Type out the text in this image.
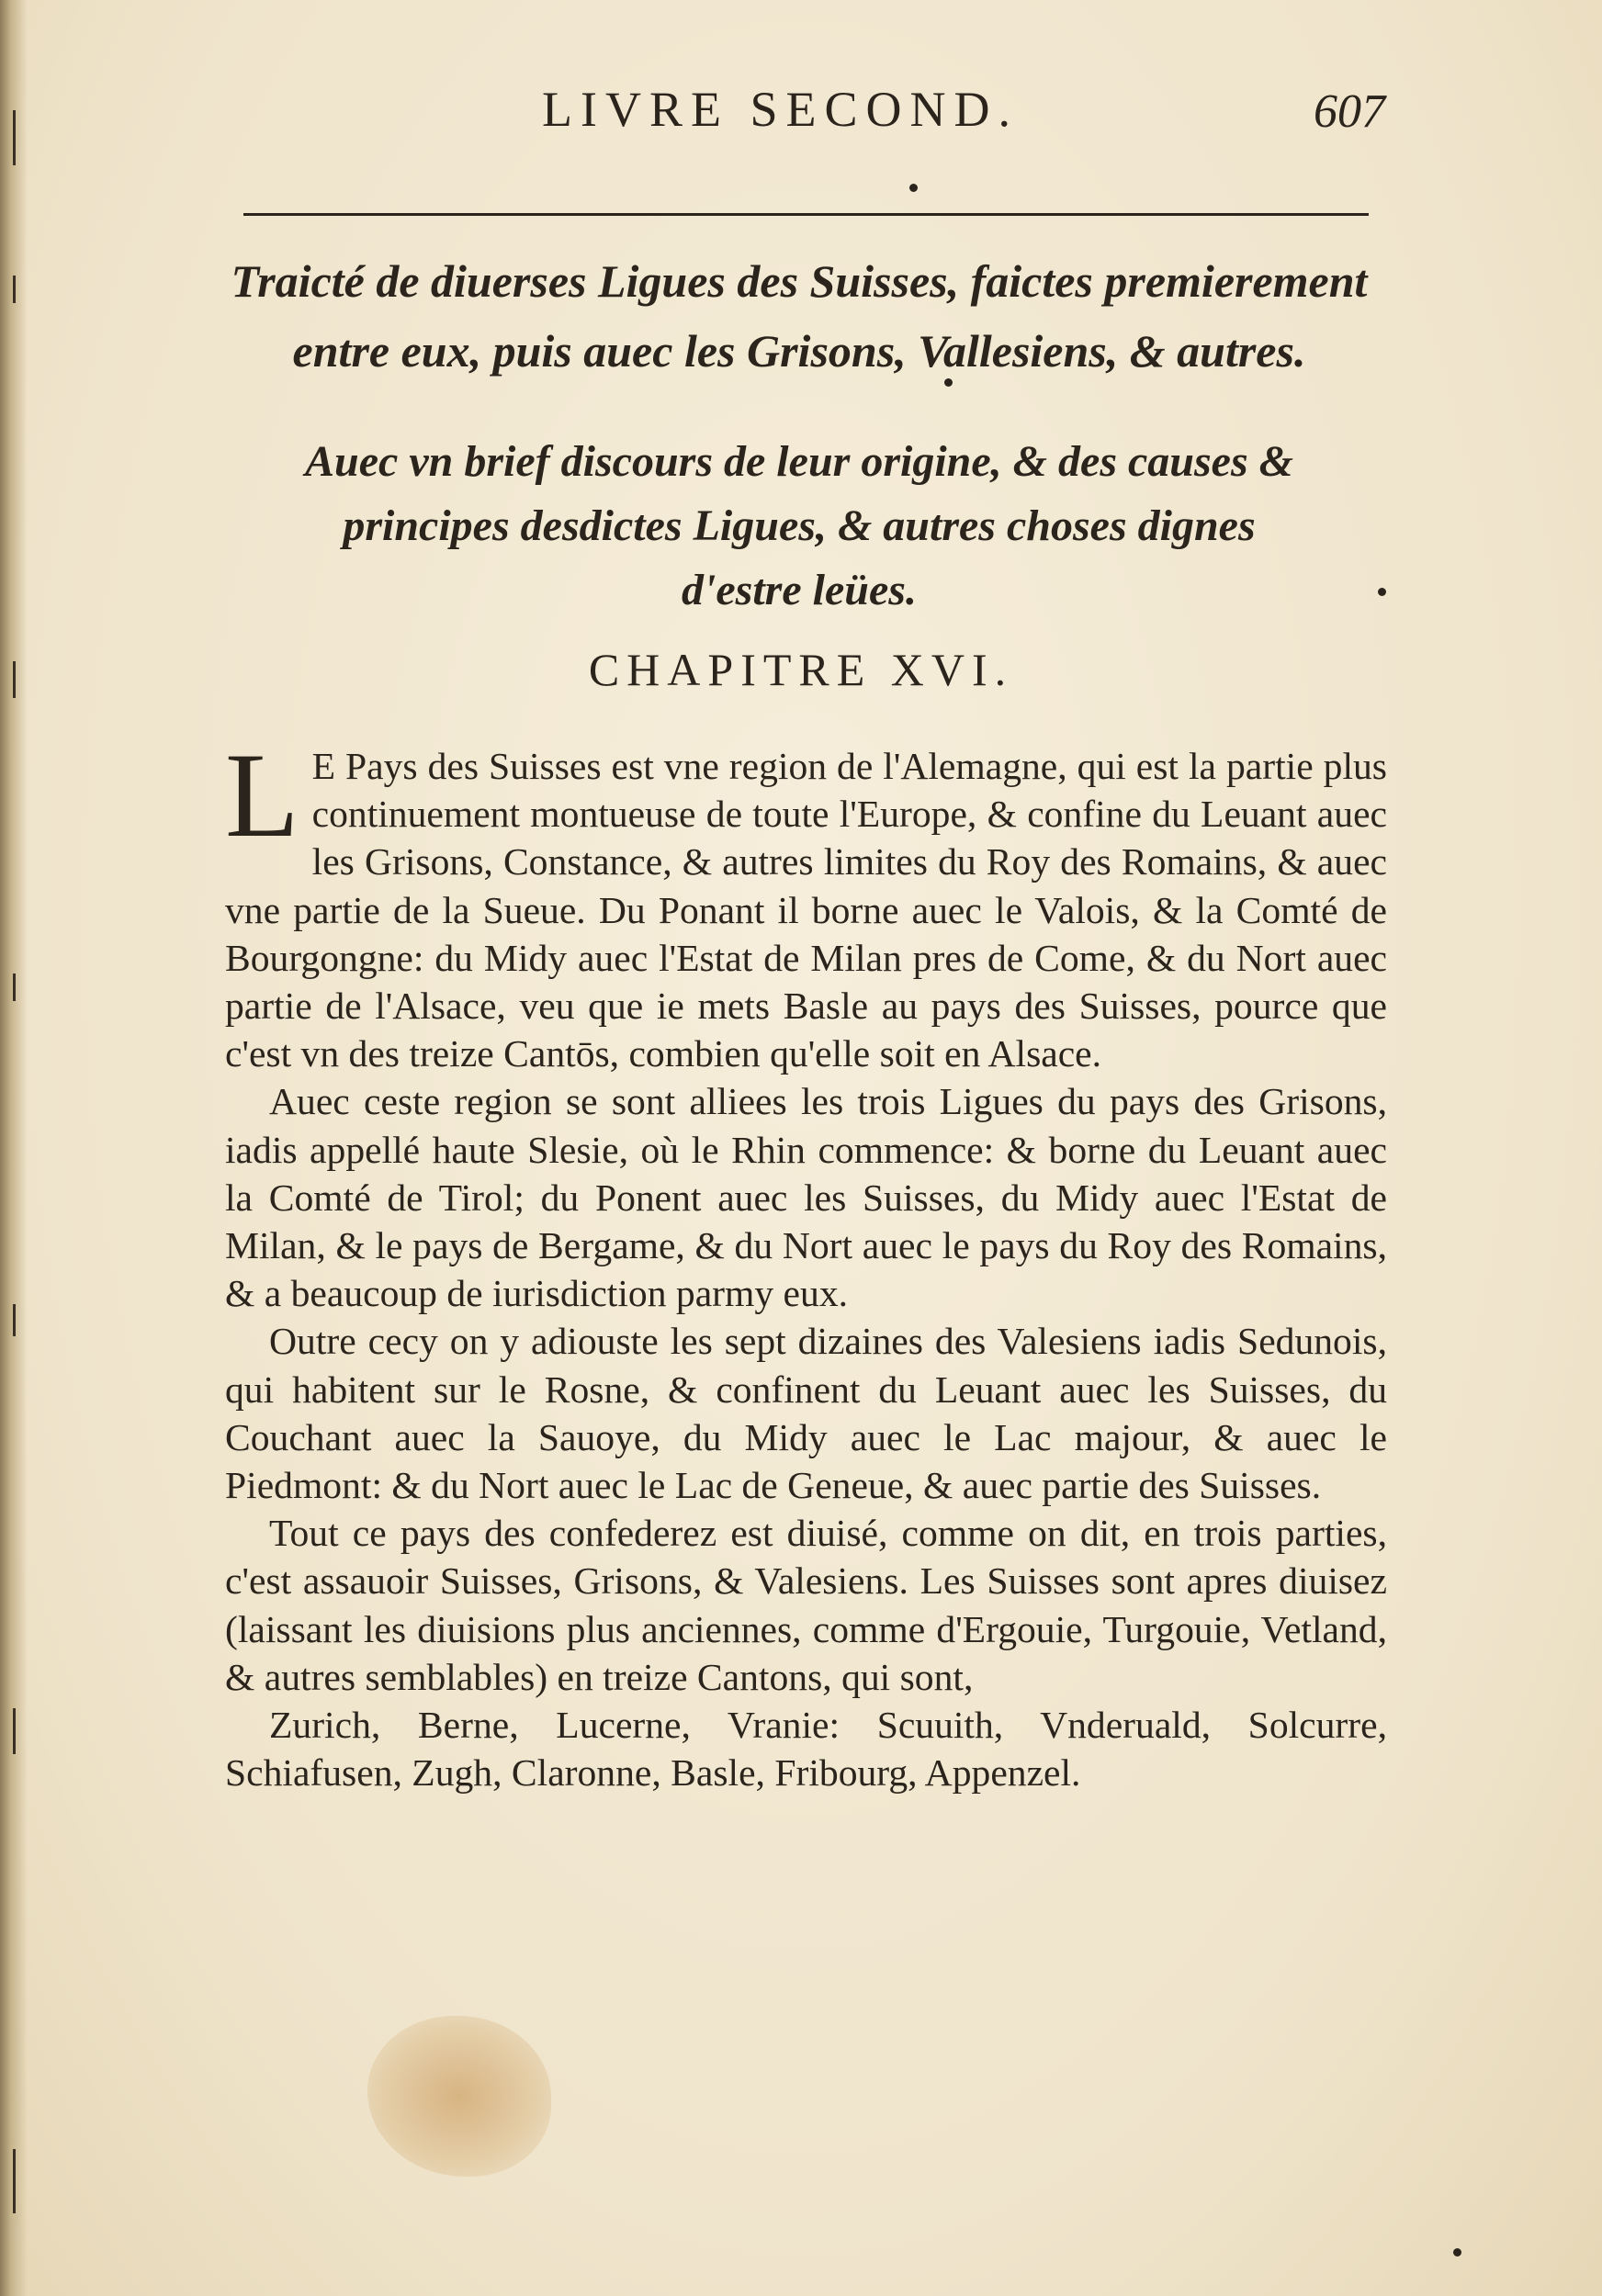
LIVRE SECOND.	607
Traicté de diuerses Ligues des Suisses, faictes premierement
entre eux, puis auec les Grisons, Vallesiens, & autres.
Auec vn brief discours de leur origine, & des causes &
principes desdictes Ligues, & autres choses dignes
d'estre leües.
CHAPITRE XVI.

L E Pays des Suisses est vne region de l'Alemagne, qui est la partie plus continuement montueuse de toute l'Europe, & confine du Leuant auec les Grisons, Constance, & autres limites du Roy des Romains, & auec vne partie de la Sueue. Du Ponant il borne auec le Valois, & la Comté de Bourgongne: du Midy auec l'Estat de Milan pres de Come, & du Nort auec partie de l'Alsace, veu que ie mets Basle au pays des Suisses, pource que c'est vn des treize Cantōs, combien qu'elle soit en Alsace.

Auec ceste region se sont alliees les trois Ligues du pays des Grisons, iadis appellé haute Slesie, où le Rhin commence: & borne du Leuant auec la Comté de Tirol; du Ponent auec les Suisses, du Midy auec l'Estat de Milan, & le pays de Bergame, & du Nort auec le pays du Roy des Romains, & a beaucoup de iurisdiction parmy eux.

Outre cecy on y adiouste les sept dizaines des Valesiens iadis Sedunois, qui habitent sur le Rosne, & confinent du Leuant auec les Suisses, du Couchant auec la Sauoye, du Midy auec le Lac majour, & auec le Piedmont: & du Nort auec le Lac de Geneue, & auec partie des Suisses.

Tout ce pays des confederez est diuisé, comme on dit, en trois parties, c'est assauoir Suisses, Grisons, & Valesiens. Les Suisses sont apres diuisez (laissant les diuisions plus anciennes, comme d'Ergouie, Turgouie, Vetland, & autres semblables) en treize Cantons, qui sont,

Zurich, Berne, Lucerne, Vranie: Scuuith, Vnderuald, Solcurre, Schiafusen, Zugh, Claronne, Basle, Fribourg, Appenzel.
